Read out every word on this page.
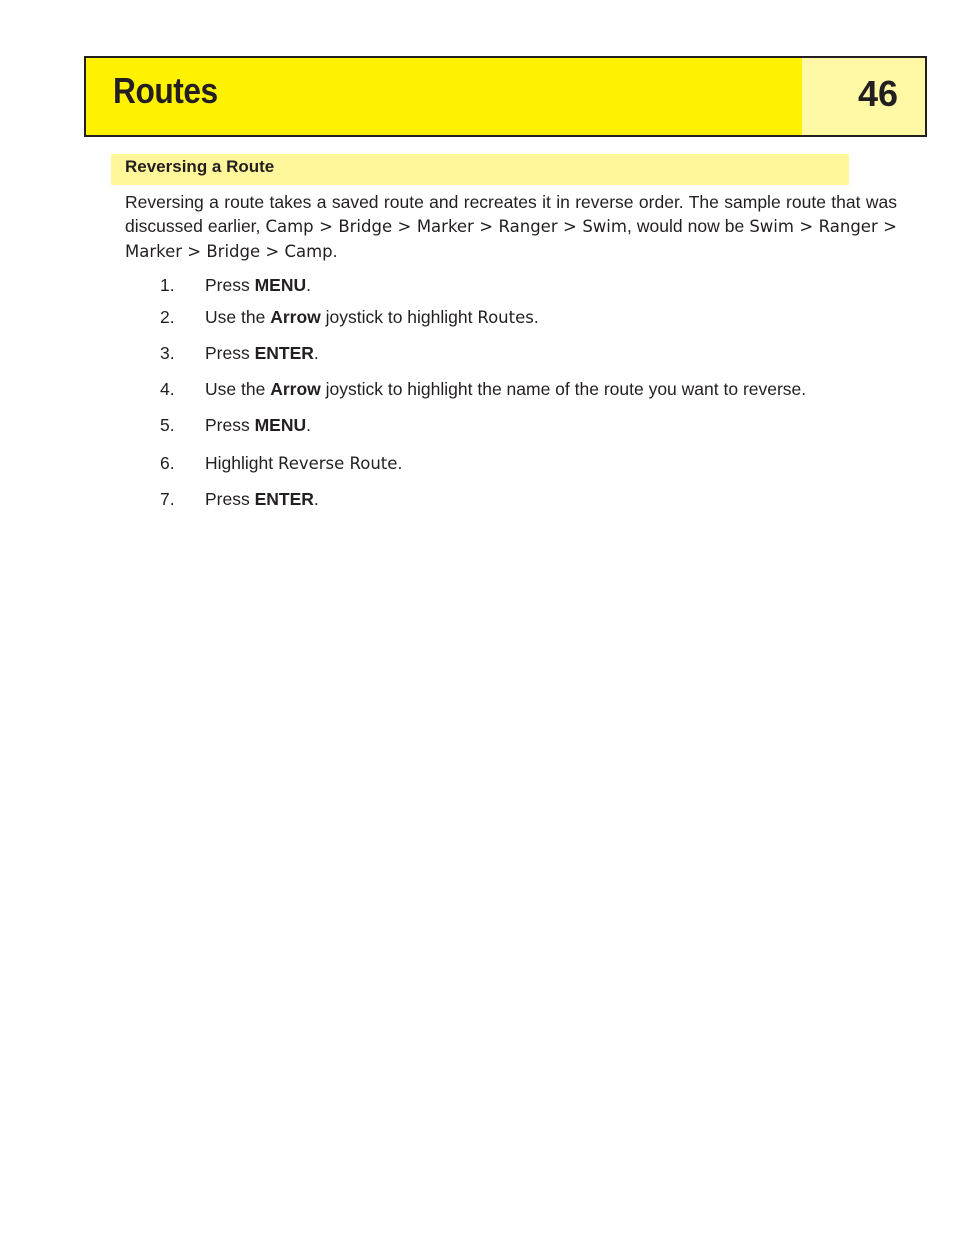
Routes	46
Reversing a Route
Reversing a route takes a saved route and recreates it in reverse order. The sample route that was discussed earlier, Camp > Bridge > Marker > Ranger > Swim, would now be Swim > Ranger > Marker > Bridge > Camp.
1. Press MENU.
2. Use the Arrow joystick to highlight Routes.
3. Press ENTER.
4. Use the Arrow joystick to highlight the name of the route you want to reverse.
5. Press MENU.
6. Highlight Reverse Route.
7. Press ENTER.
